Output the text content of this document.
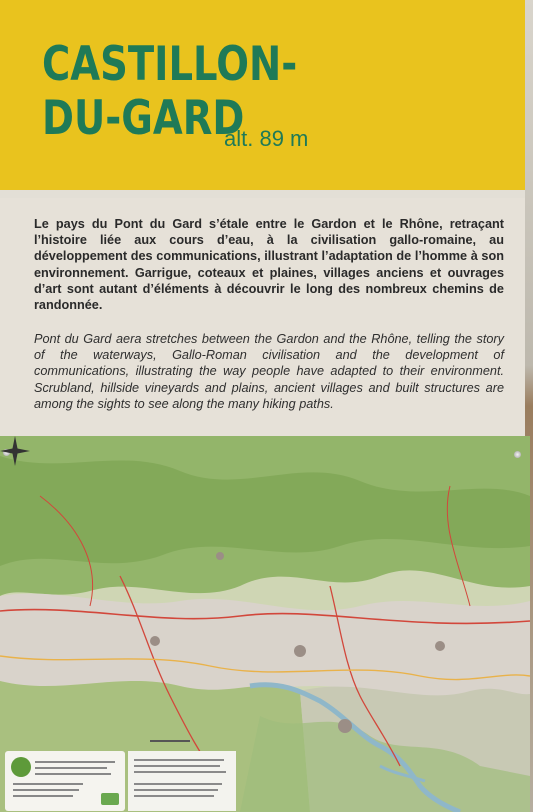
CASTILLON-
DU-GARD
alt. 89 m
Le pays du Pont du Gard s’étale entre le Gardon et le Rhône, retraçant l’histoire liée aux cours d’eau, à la civilisation gallo-romaine, au développement des communications, illustrant l’adaptation de l’homme à son environnement. Garrigue, coteaux et plaines, villages anciens et ouvrages d’art sont autant d’éléments à découvrir le long des nombreux chemins de randonnée.
Pont du Gard aera stretches between the Gardon and the Rhône, telling the story of the waterways, Gallo-Roman civilisation and the development of communications, illustrating the way people have adapted to their environment. Scrubland, hillside vineyards and plains, ancient villages and built structures are among the sights to see along the many hiking paths.
